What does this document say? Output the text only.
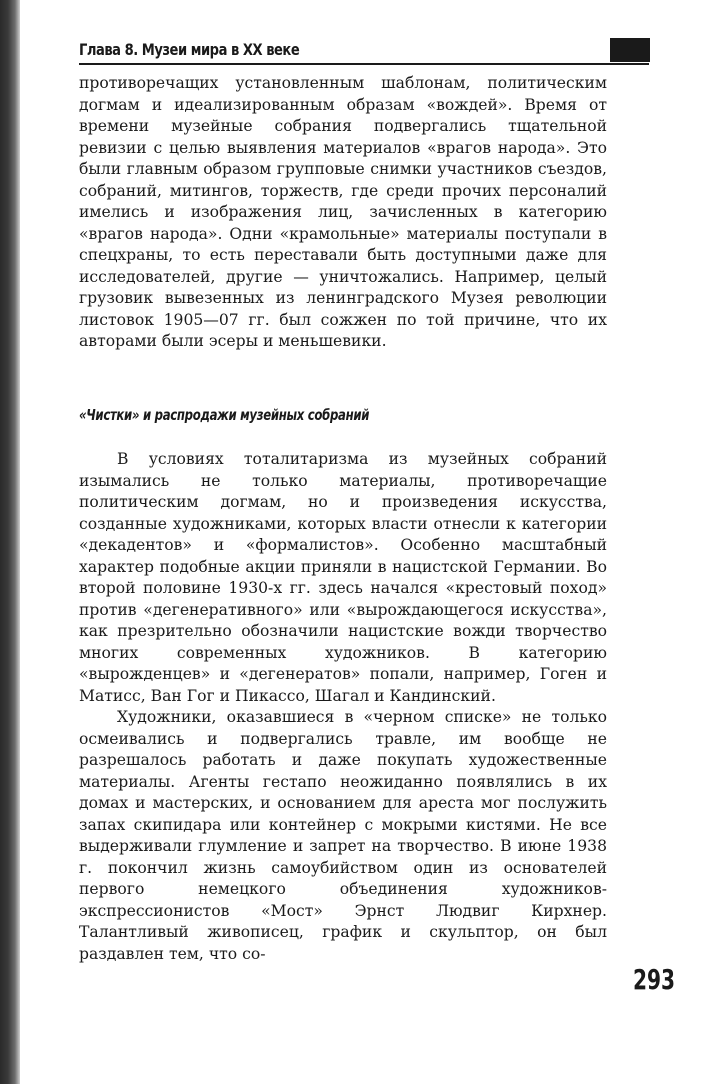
Глава 8. Музеи мира в XX веке

противоречащих установленным шаблонам, политическим догмам и идеализированным образам «вождей». Время от времени музейные собрания подвергались тщательной ревизии с целью выявления материалов «врагов народа». Это были главным образом групповые снимки участников съездов, собраний, митингов, торжеств, где среди прочих персоналий имелись и изображения лиц, зачисленных в категорию «врагов народа». Одни «крамольные» материалы поступали в спецхраны, то есть переставали быть доступными даже для исследователей, другие — уничтожались. Например, целый грузовик вывезенных из ленинградского Музея революции листовок 1905—07 гг. был сожжен по той причине, что их авторами были эсеры и меньшевики.

«Чистки» и распродажи музейных собраний

В условиях тоталитаризма из музейных собраний изымались не только материалы, противоречащие политическим догмам, но и произведения искусства, созданные художниками, которых власти отнесли к категории «декадентов» и «формалистов». Особенно масштабный характер подобные акции приняли в нацистской Германии. Во второй половине 1930-х гг. здесь начался «крестовый поход» против «дегенеративного» или «вырождающегося искусства», как презрительно обозначили нацистские вожди творчество многих современных художников. В категорию «вырожденцев» и «дегенератов» попали, например, Гоген и Матисс, Ван Гог и Пикассо, Шагал и Кандинский.

Художники, оказавшиеся в «черном списке» не только осмеивались и подвергались травле, им вообще не разрешалось работать и даже покупать художественные материалы. Агенты гестапо неожиданно появлялись в их домах и мастерских, и основанием для ареста мог послужить запах скипидара или контейнер с мокрыми кистями. Не все выдерживали глумление и запрет на творчество. В июне 1938 г. покончил жизнь самоубийством один из основателей первого немецкого объединения художников-экспрессионистов «Мост» Эрнст Людвиг Кирхнер. Талантливый живописец, график и скульптор, он был раздавлен тем, что со-

293
